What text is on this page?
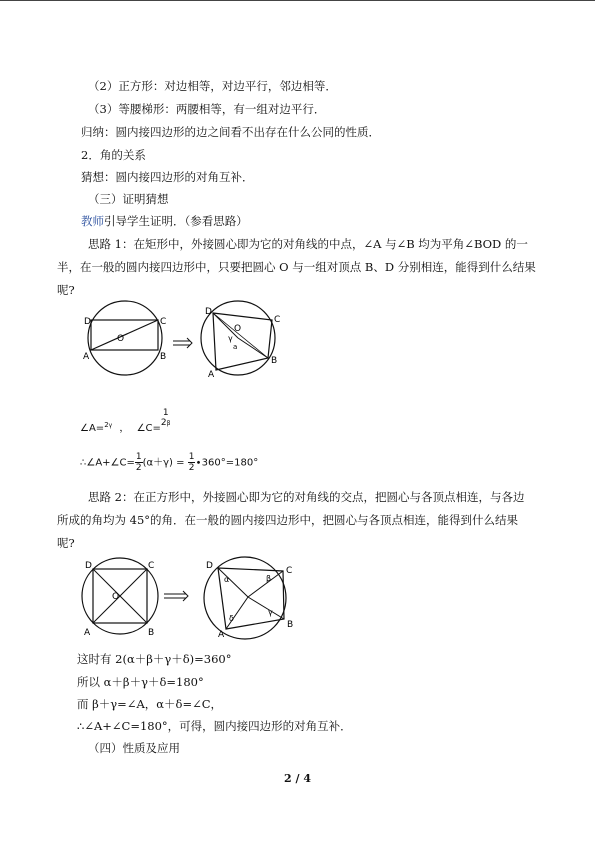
（2）正方形：对边相等，对边平行，邻边相等．
（3）等腰梯形：两腰相等，有一组对边平行．
归纳：圆内接四边形的边之间看不出存在什么公同的性质．
2．角的关系
猜想：圆内接四边形的对角互补．
（三）证明猜想
教师引导学生证明．（参看思路）
思路 1：在矩形中，外接圆心即为它的对角线的中点，∠A 与∠B 均为平角∠BOD 的一
半，在一般的圆内接四边形中，只要把圆心 O 与一组对顶点 B、D 分别相连，能得到什么结果
呢?
D	C
O
A	B
D
C
O
γ
a
A
B
∠A=$^{2\gamma}$ ， ∠C=
1
2β
∴∠A+∠C= $\frac{1}{2} (\alpha+\gamma) = \frac{1}{2} \cdot 360^\circ=180^\circ$
思路 2：在正方形中，外接圆心即为它的对角线的交点，把圆心与各顶点相连，与各边
所成的角均为 45°的角．在一般的圆内接四边形中，把圆心与各顶点相连，能得到什么结果
呢?
D	C
O
A	B
D	C
A
B
α	β
γ
δ
这时有 2(α＋β＋γ＋δ)=360°
所以 α＋β＋γ＋δ=180°
而 β＋γ=∠A，α＋δ=∠C，
∴∠A+∠C=180°，可得，圆内接四边形的对角互补．
（四）性质及应用
2 / 4
